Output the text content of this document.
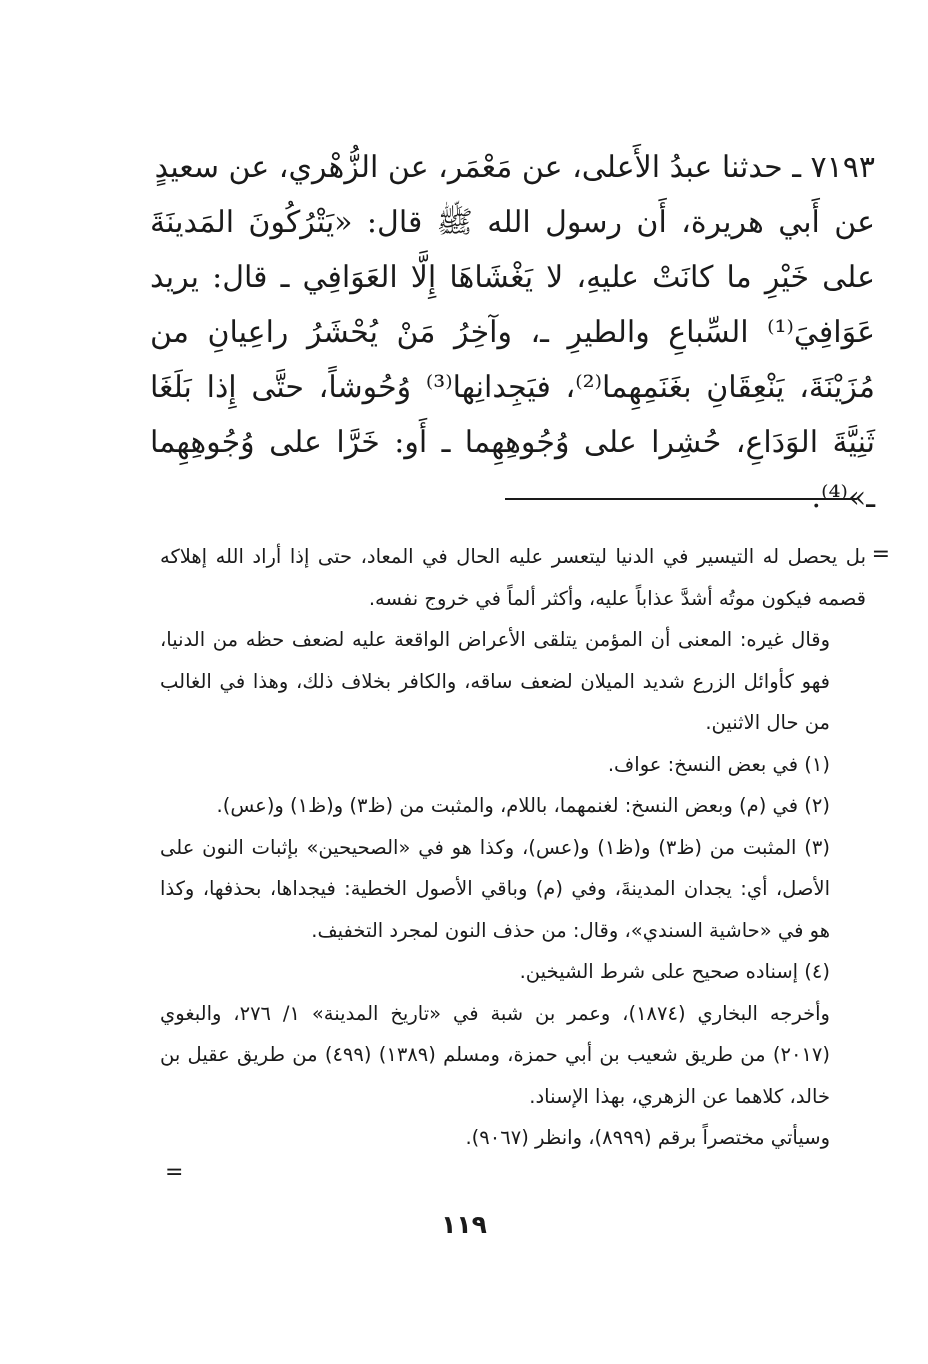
٧١٩٣ ـ حدثنا عبدُ الأَعلى، عن مَعْمَر، عن الزُّهْري، عن سعيدٍ

عن أَبي هريرة، أَن رسول الله ﷺ قال: «يَتْرُكُونَ المَدينَةَ على خَيْرِ ما كانَتْ عليهِ، لا يَغْشَاهَا إِلَّا العَوَافِي ـ قال: يريد عَوَافِيَ⁽¹⁾ السِّباعِ والطيرِ ـ، وآخِرُ مَنْ يُحْشَرُ راعِيانِ من مُزَيْنَةَ، يَنْعِقَانِ بغَنَمِهِما⁽²⁾، فيَجِدانِها⁽³⁾ وُحُوشاً، حتَّى إِذا بَلَغَا ثَنِيَّةَ الوَدَاعِ، حُشِرا على وُجُوهِهِما ـ أَو: خَرَّا على وُجُوهِهِما ـ»⁽⁴⁾.

=

بل يحصل له التيسير في الدنيا ليتعسر عليه الحال في المعاد، حتى إذا أراد الله إهلاكه قصمه فيكون موتُه أشدَّ عذاباً عليه، وأكثر ألماً في خروج نفسه.

وقال غيره: المعنى أن المؤمن يتلقى الأعراض الواقعة عليه لضعف حظه من الدنيا، فهو كأوائل الزرع شديد الميلان لضعف ساقه، والكافر بخلاف ذلك، وهذا في الغالب من حال الاثنين.

(١) في بعض النسخ: عواف.

(٢) في (م) وبعض النسخ: لغنمهما، باللام، والمثبت من (ظ٣) و(ظ١) و(عس).

(٣) المثبت من (ظ٣) و(ظ١) و(عس)، وكذا هو في «الصحيحين» بإثبات النون على الأصل، أي: يجدان المدينةَ، وفي (م) وباقي الأصول الخطية: فيجداها، بحذفها، وكذا هو في «حاشية السندي»، وقال: من حذف النون لمجرد التخفيف.

(٤) إسناده صحيح على شرط الشيخين.

وأخرجه البخاري (١٨٧٤)، وعمر بن شبة في «تاريخ المدينة» ١/ ٢٧٦، والبغوي (٢٠١٧) من طريق شعيب بن أبي حمزة، ومسلم (١٣٨٩) (٤٩٩) من طريق عقيل بن خالد، كلاهما عن الزهري، بهذا الإسناد.

وسيأتي مختصراً برقم (٨٩٩٩)، وانظر (٩٠٦٧).

=
١١٩
